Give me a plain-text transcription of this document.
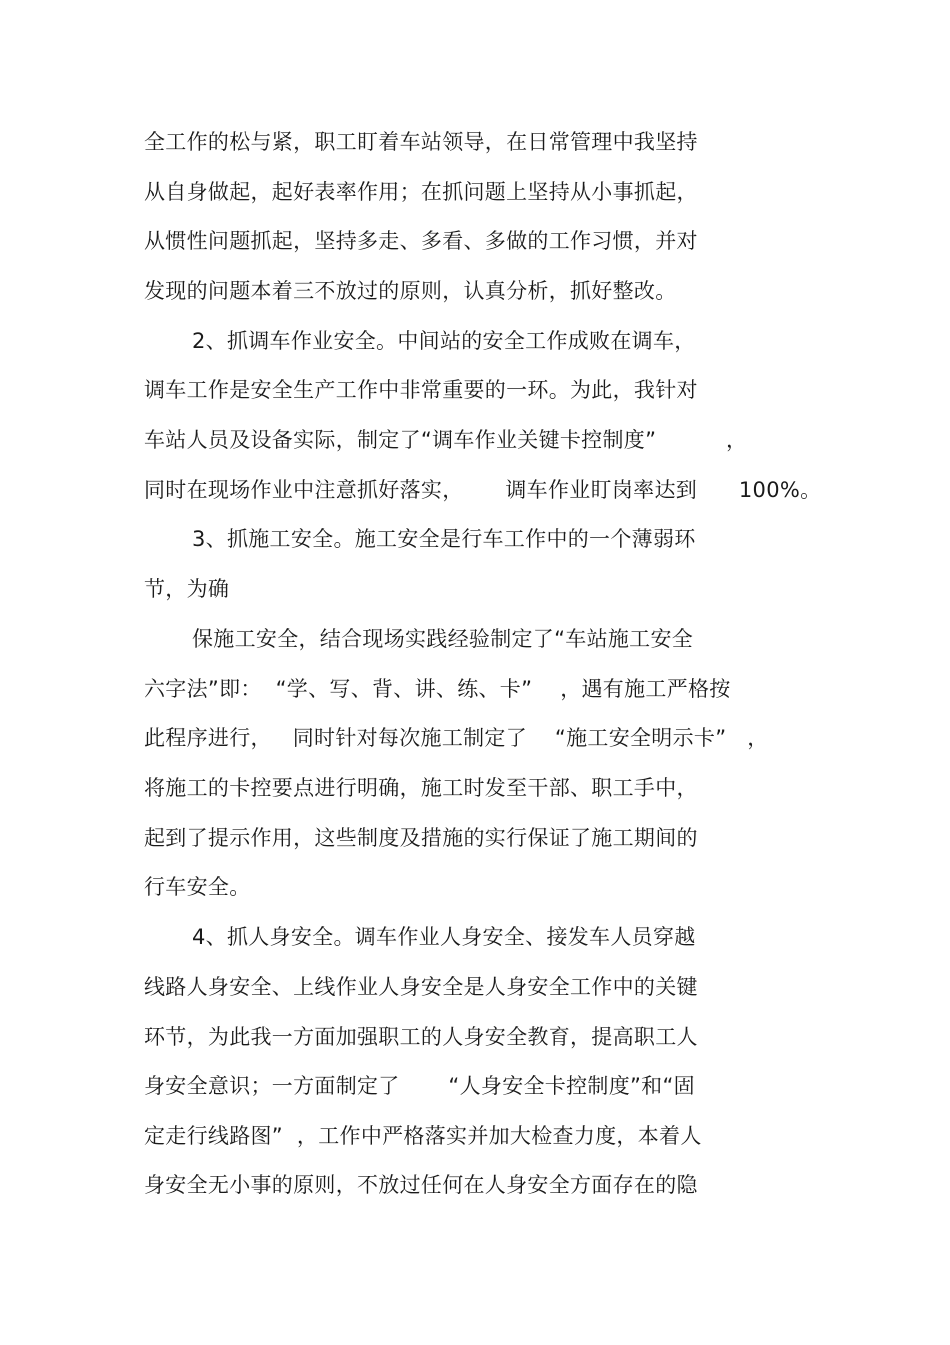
全工作的松与紧，职工盯着车站领导，在日常管理中我坚持
从自身做起，起好表率作用；在抓问题上坚持从小事抓起，
从惯性问题抓起，坚持多走、多看、多做的工作习惯，并对
发现的问题本着三不放过的原则，认真分析，抓好整改。
2、抓调车作业安全。中间站的安全工作成败在调车，
调车工作是安全生产工作中非常重要的一环。为此，我针对
车站人员及设备实际，制定了“调车作业关键卡控制度”          ，
同时在现场作业中注意抓好落实，      调车作业盯岗率达到      100%。
3、抓施工安全。施工安全是行车工作中的一个薄弱环
节，为确
保施工安全，结合现场实践经验制定了“车站施工安全
六字法”即：  “学、写、背、讲、练、卡”    ，遇有施工严格按
此程序进行，   同时针对每次施工制定了    “施工安全明示卡”   ，
将施工的卡控要点进行明确，施工时发至干部、职工手中，
起到了提示作用，这些制度及措施的实行保证了施工期间的
行车安全。
4、抓人身安全。调车作业人身安全、接发车人员穿越
线路人身安全、上线作业人身安全是人身安全工作中的关键
环节，为此我一方面加强职工的人身安全教育，提高职工人
身安全意识；一方面制定了       “人身安全卡控制度”和“固
定走行线路图”  ，工作中严格落实并加大检查力度，本着人
身安全无小事的原则，不放过任何在人身安全方面存在的隐
